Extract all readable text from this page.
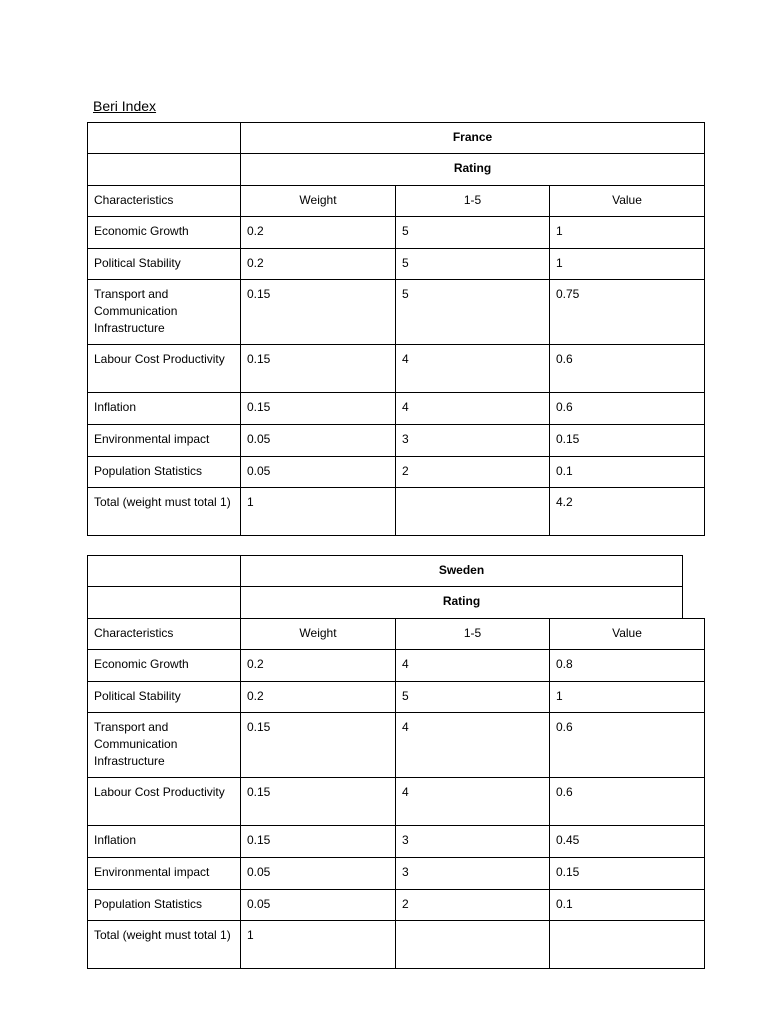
Beri Index

	France		

	Rating		

Characteristics	Weight	1-5	Value

Economic Growth	0.2	5	1

Political Stability	0.2	5	1

Transport and Communication Infrastructure	0.15	5	0.75

Labour Cost Productivity	0.15	4	0.6

Inflation	0.15	4	0.6

Environmental impact	0.05	3	0.15

Population Statistics	0.05	2	0.1

Total (weight must total 1)	1		4.2

	Sweden			

	Rating			

Characteristics	Weight	1-5	Value	

Economic Growth	0.2	4	0.8	

Political Stability	0.2	5	1	

Transport and Communication Infrastructure	0.15	4	0.6	

Labour Cost Productivity	0.15	4	0.6	

Inflation	0.15	3	0.45	

Environmental impact	0.05	3	0.15	

Population Statistics	0.05	2	0.1	

Total (weight must total 1)	1			
